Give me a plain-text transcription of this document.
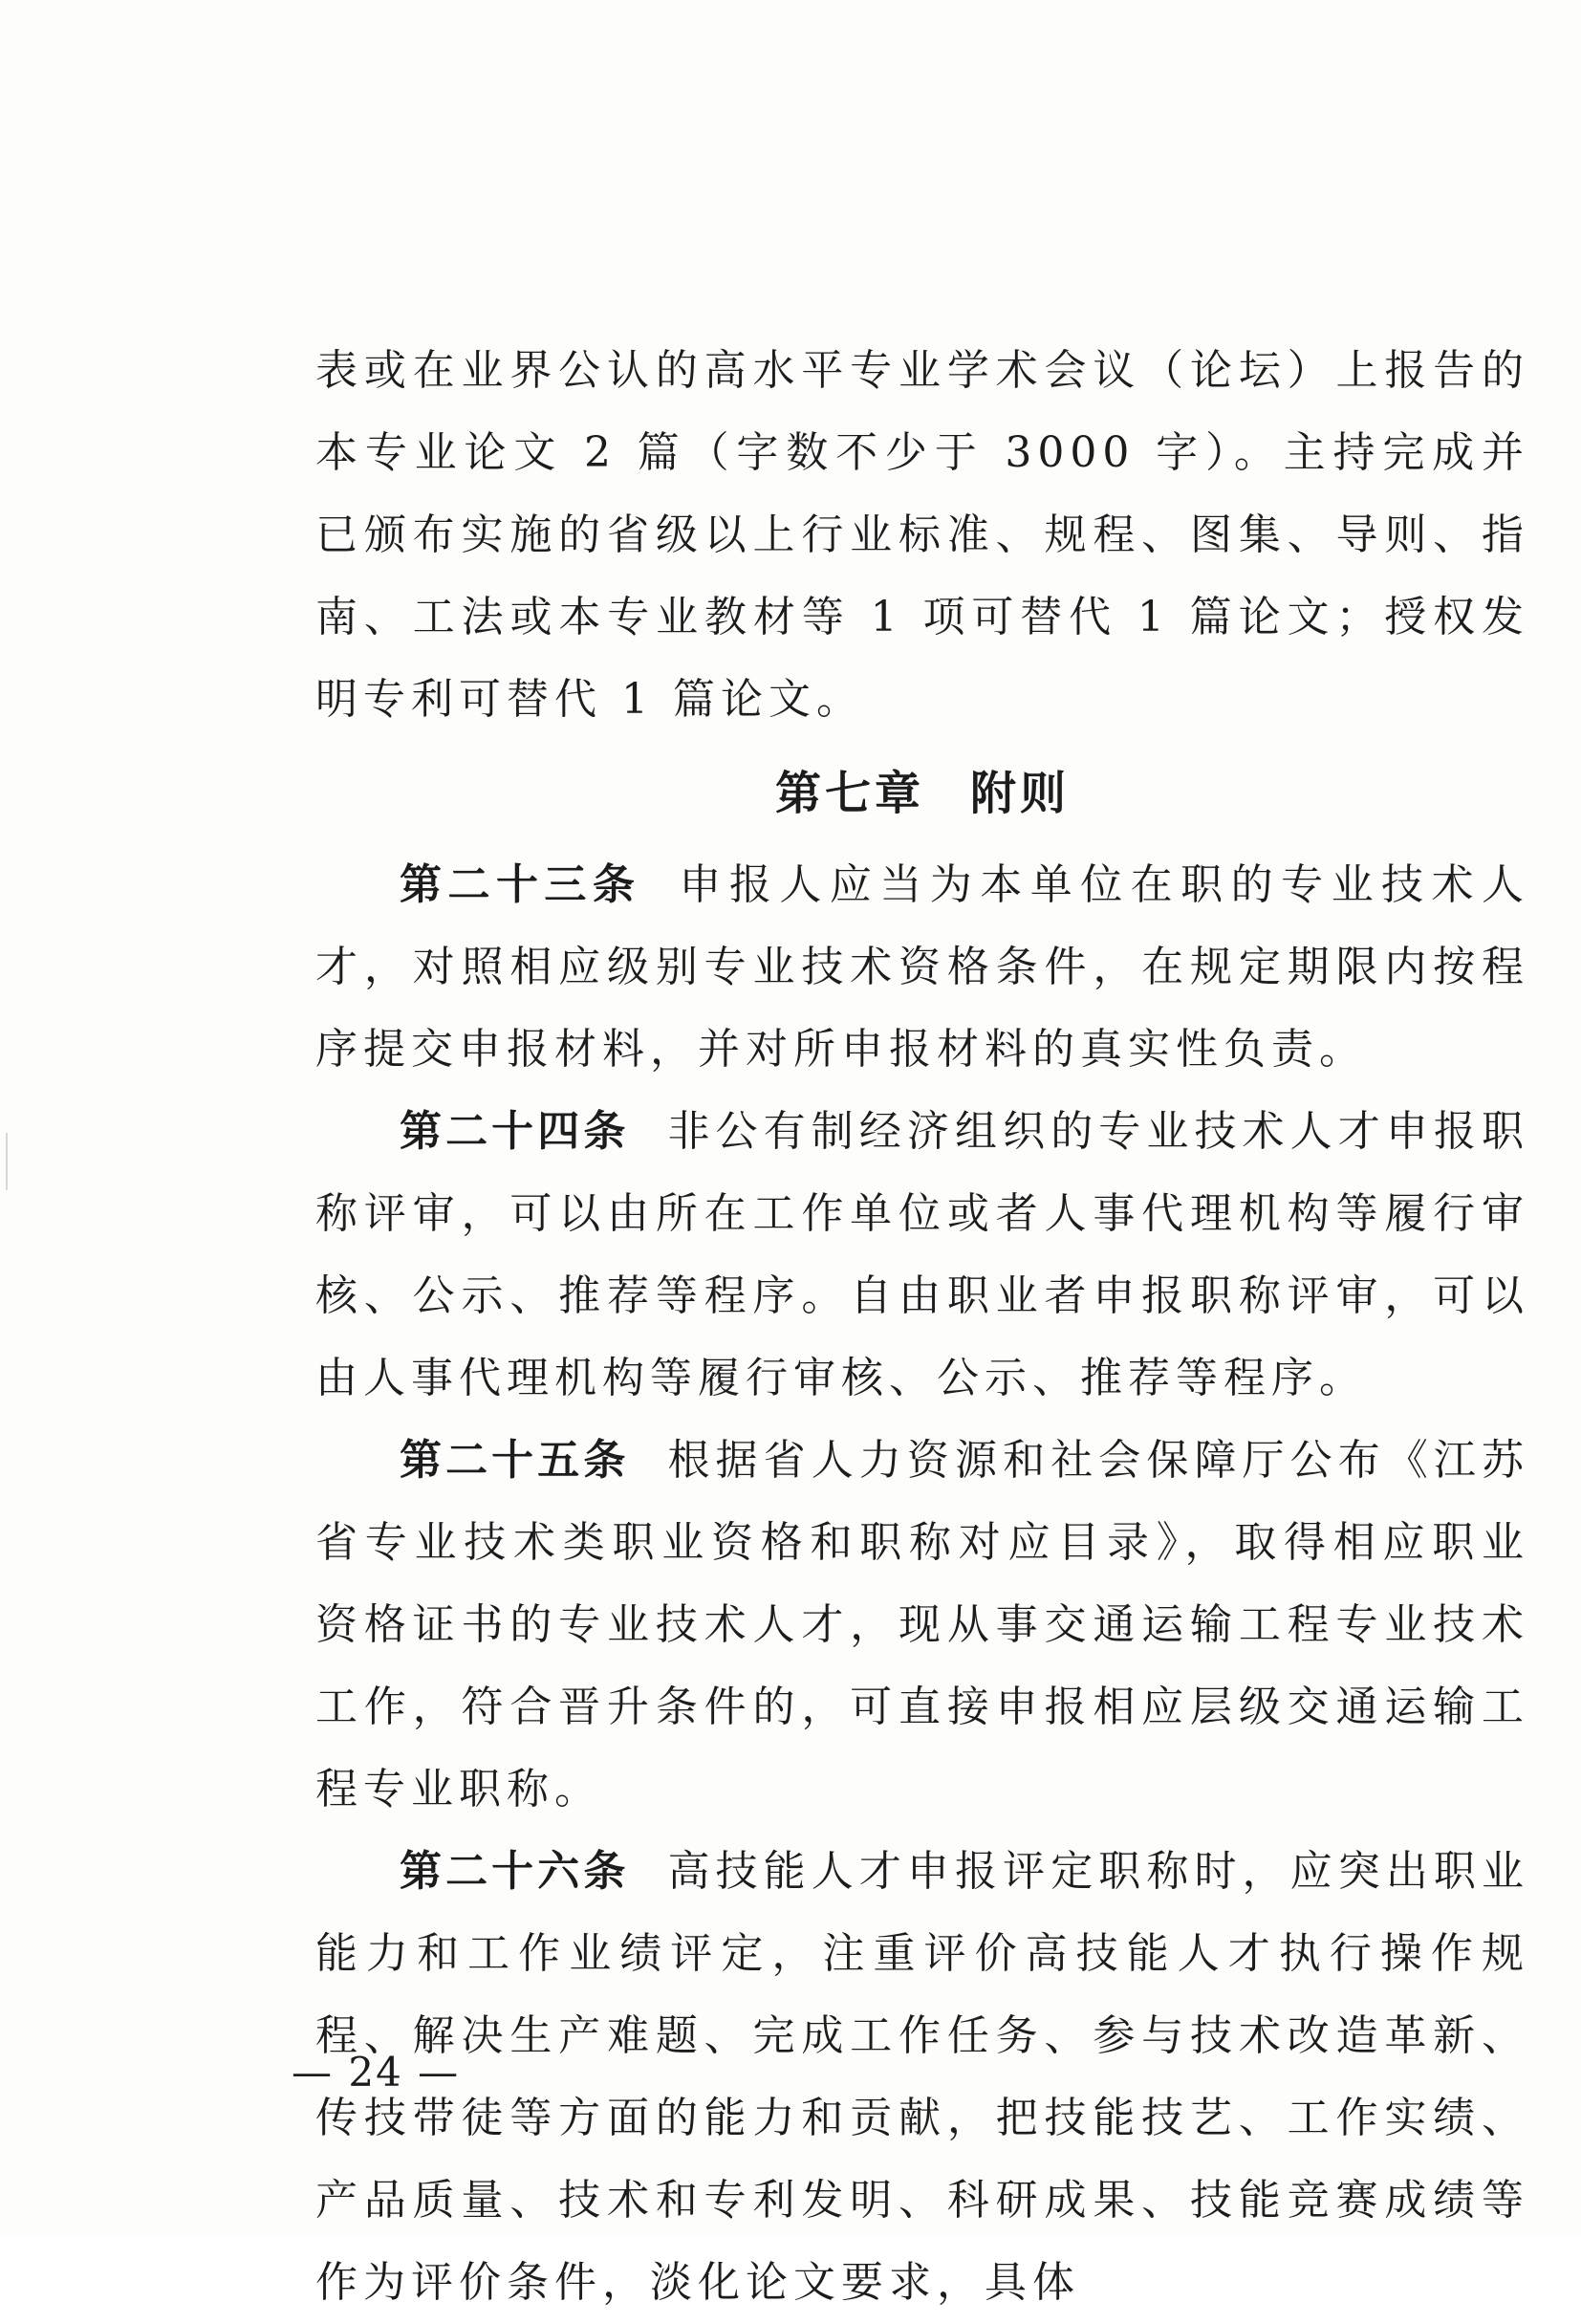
表或在业界公认的高水平专业学术会议（论坛）上报告的本专业论文 2 篇（字数不少于 3000 字）。主持完成并已颁布实施的省级以上行业标准、规程、图集、导则、指南、工法或本专业教材等 1 项可替代 1 篇论文；授权发明专利可替代 1 篇论文。

第七章 附则

第二十三条 申报人应当为本单位在职的专业技术人才，对照相应级别专业技术资格条件，在规定期限内按程序提交申报材料，并对所申报材料的真实性负责。

第二十四条 非公有制经济组织的专业技术人才申报职称评审，可以由所在工作单位或者人事代理机构等履行审核、公示、推荐等程序。自由职业者申报职称评审，可以由人事代理机构等履行审核、公示、推荐等程序。

第二十五条 根据省人力资源和社会保障厅公布《江苏省专业技术类职业资格和职称对应目录》，取得相应职业资格证书的专业技术人才，现从事交通运输工程专业技术工作，符合晋升条件的，可直接申报相应层级交通运输工程专业职称。

第二十六条 高技能人才申报评定职称时，应突出职业能力和工作业绩评定，注重评价高技能人才执行操作规程、解决生产难题、完成工作任务、参与技术改造革新、传技带徒等方面的能力和贡献，把技能技艺、工作实绩、产品质量、技术和专利发明、科研成果、技能竞赛成绩等作为评价条件，淡化论文要求，具体

— 24 —
